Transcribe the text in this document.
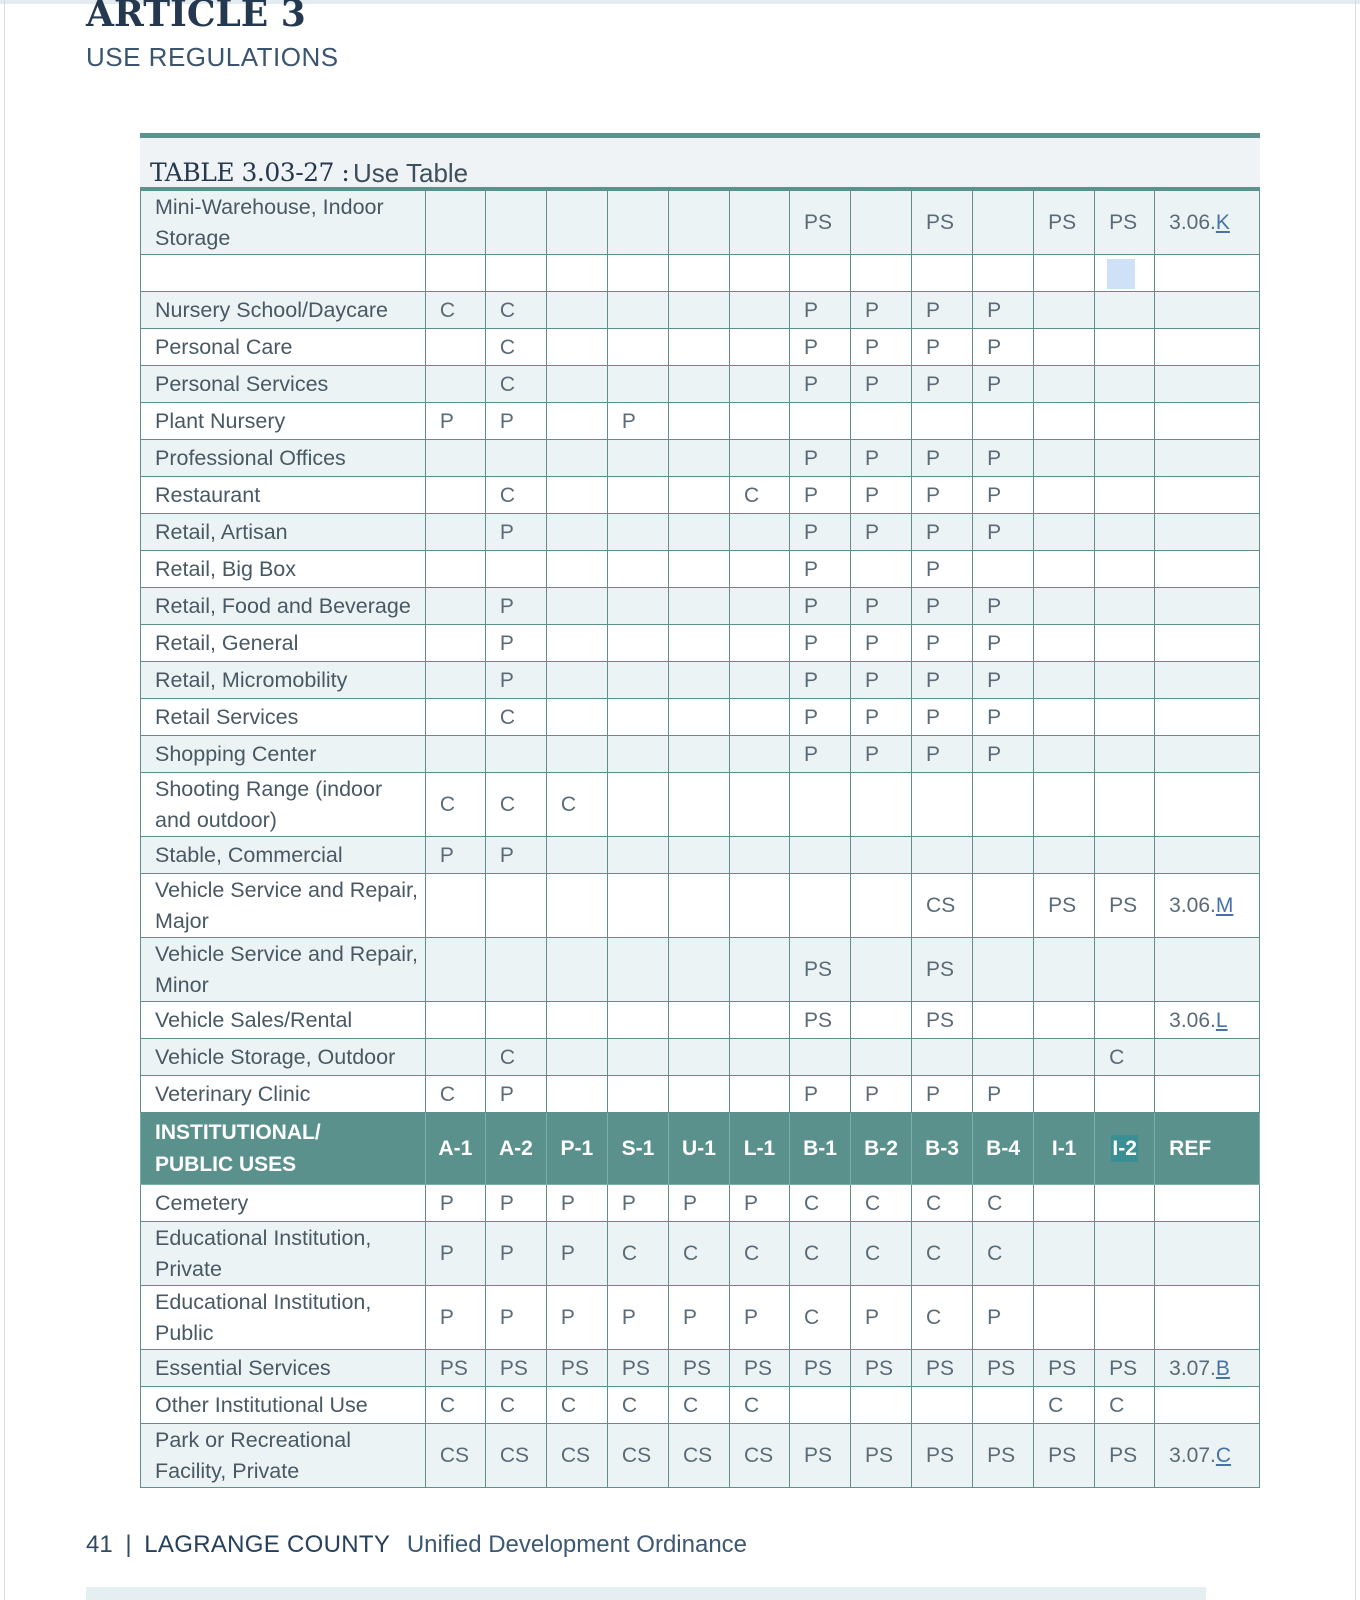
ARTICLE 3
USE REGULATIONS
TABLE 3.03-27 : Use Table
Mini-Warehouse, Indoor
Storage							PS		PS		PS	PS	3.06.K

Nursery School/Daycare	C	C					P	P	P	P			
Personal Care		C					P	P	P	P			
Personal Services		C					P	P	P	P			
Plant Nursery	P	P		P									
Professional Offices							P	P	P	P			
Restaurant		C				C	P	P	P	P			
Retail, Artisan		P					P	P	P	P			
Retail, Big Box							P		P				
Retail, Food and Beverage		P					P	P	P	P			
Retail, General		P					P	P	P	P			
Retail, Micromobility		P					P	P	P	P			
Retail Services		C					P	P	P	P			
Shopping Center							P	P	P	P			
Shooting Range (indoor
and outdoor)	C	C	C										
Stable, Commercial	P	P											
Vehicle Service and Repair,
Major									CS		PS	PS	3.06.M
Vehicle Service and Repair,
Minor							PS		PS				
Vehicle Sales/Rental							PS		PS				3.06.L
Vehicle Storage, Outdoor		C										C	
Veterinary Clinic	C	P					P	P	P	P			
INSTITUTIONAL/
PUBLIC USES	A-1	A-2	P-1	S-1	U-1	L-1	B-1	B-2	B-3	B-4	I-1	I-2	REF
Cemetery	P	P	P	P	P	P	C	C	C	C			
Educational Institution,
Private	P	P	P	C	C	C	C	C	C	C			
Educational Institution,
Public	P	P	P	P	P	P	C	P	C	P			
Essential Services	PS	PS	PS	PS	PS	PS	PS	PS	PS	PS	PS	PS	3.07.B
Other Institutional Use	C	C	C	C	C	C					C	C	
Park or Recreational
Facility, Private	CS	CS	CS	CS	CS	CS	PS	PS	PS	PS	PS	PS	3.07.C
41 | LAGRANGE COUNTY Unified Development Ordinance
